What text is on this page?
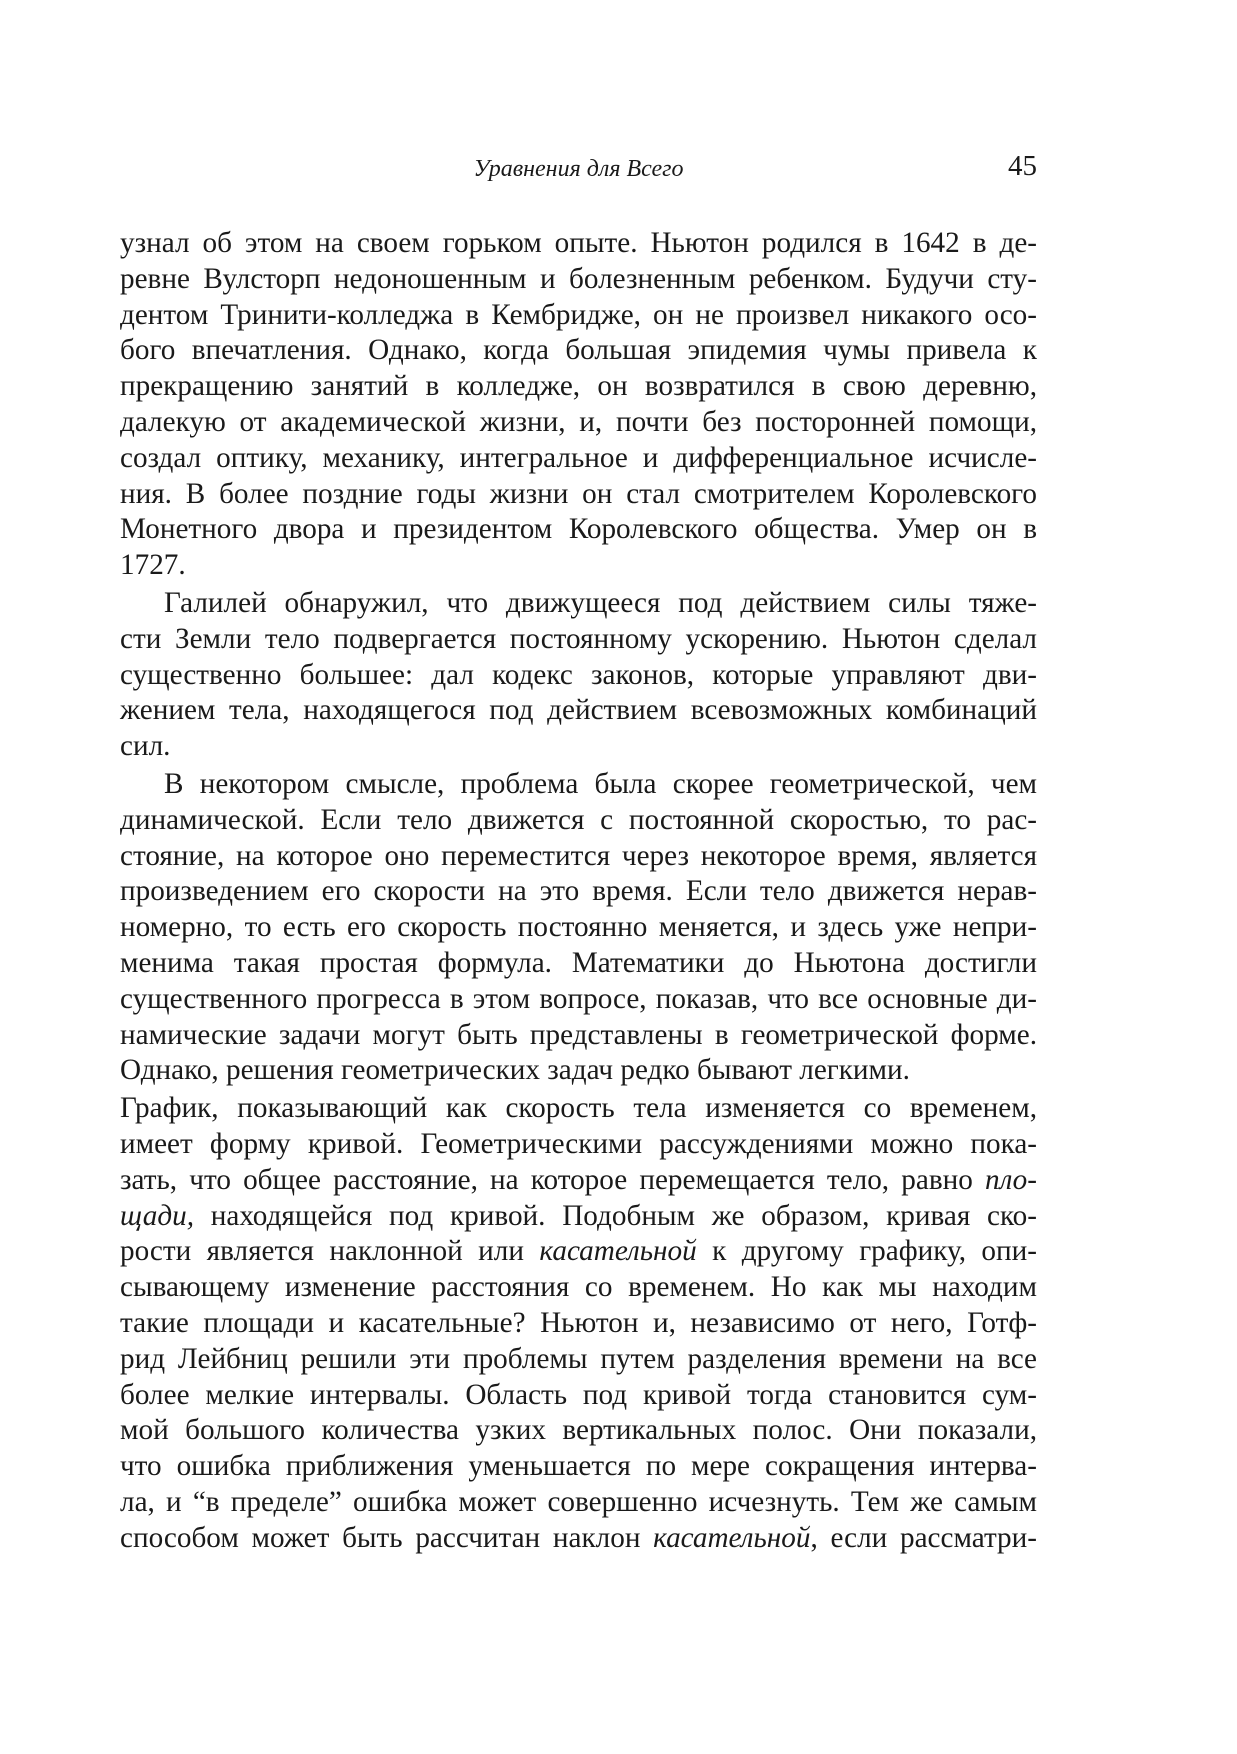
Уравнения для Всего	45
узнал об этом на своем горьком опыте. Ньютон родился в 1642 в де-
ревне Вулсторп недоношенным и болезненным ребенком. Будучи сту-
дентом Тринити-колледжа в Кембридже, он не произвел никакого осо-
бого впечатления. Однако, когда большая эпидемия чумы привела к
прекращению занятий в колледже, он возвратился в свою деревню,
далекую от академической жизни, и, почти без посторонней помощи,
создал оптику, механику, интегральное и дифференциальное исчисле-
ния. В более поздние годы жизни он стал смотрителем Королевского
Монетного двора и президентом Королевского общества. Умер он в
1727.
Галилей обнаружил, что движущееся под действием силы тяже-
сти Земли тело подвергается постоянному ускорению. Ньютон сделал
существенно большее: дал кодекс законов, которые управляют дви-
жением тела, находящегося под действием всевозможных комбинаций
сил.
В некотором смысле, проблема была скорее геометрической, чем
динамической. Если тело движется с постоянной скоростью, то рас-
стояние, на которое оно переместится через некоторое время, является
произведением его скорости на это время. Если тело движется нерав-
номерно, то есть его скорость постоянно меняется, и здесь уже непри-
менима такая простая формула. Математики до Ньютона достигли
существенного прогресса в этом вопросе, показав, что все основные ди-
намические задачи могут быть представлены в геометрической форме.
Однако, решения геометрических задач редко бывают легкими.
График, показывающий как скорость тела изменяется со временем,
имеет форму кривой. Геометрическими рассуждениями можно пока-
зать, что общее расстояние, на которое перемещается тело, равно пло-
щади, находящейся под кривой. Подобным же образом, кривая ско-
рости является наклонной или касательной к другому графику, опи-
сывающему изменение расстояния со временем. Но как мы находим
такие площади и касательные? Ньютон и, независимо от него, Готф-
рид Лейбниц решили эти проблемы путем разделения времени на все
более мелкие интервалы. Область под кривой тогда становится сум-
мой большого количества узких вертикальных полос. Они показали,
что ошибка приближения уменьшается по мере сокращения интерва-
ла, и “в пределе” ошибка может совершенно исчезнуть. Тем же самым
способом может быть рассчитан наклон касательной, если рассматри-
